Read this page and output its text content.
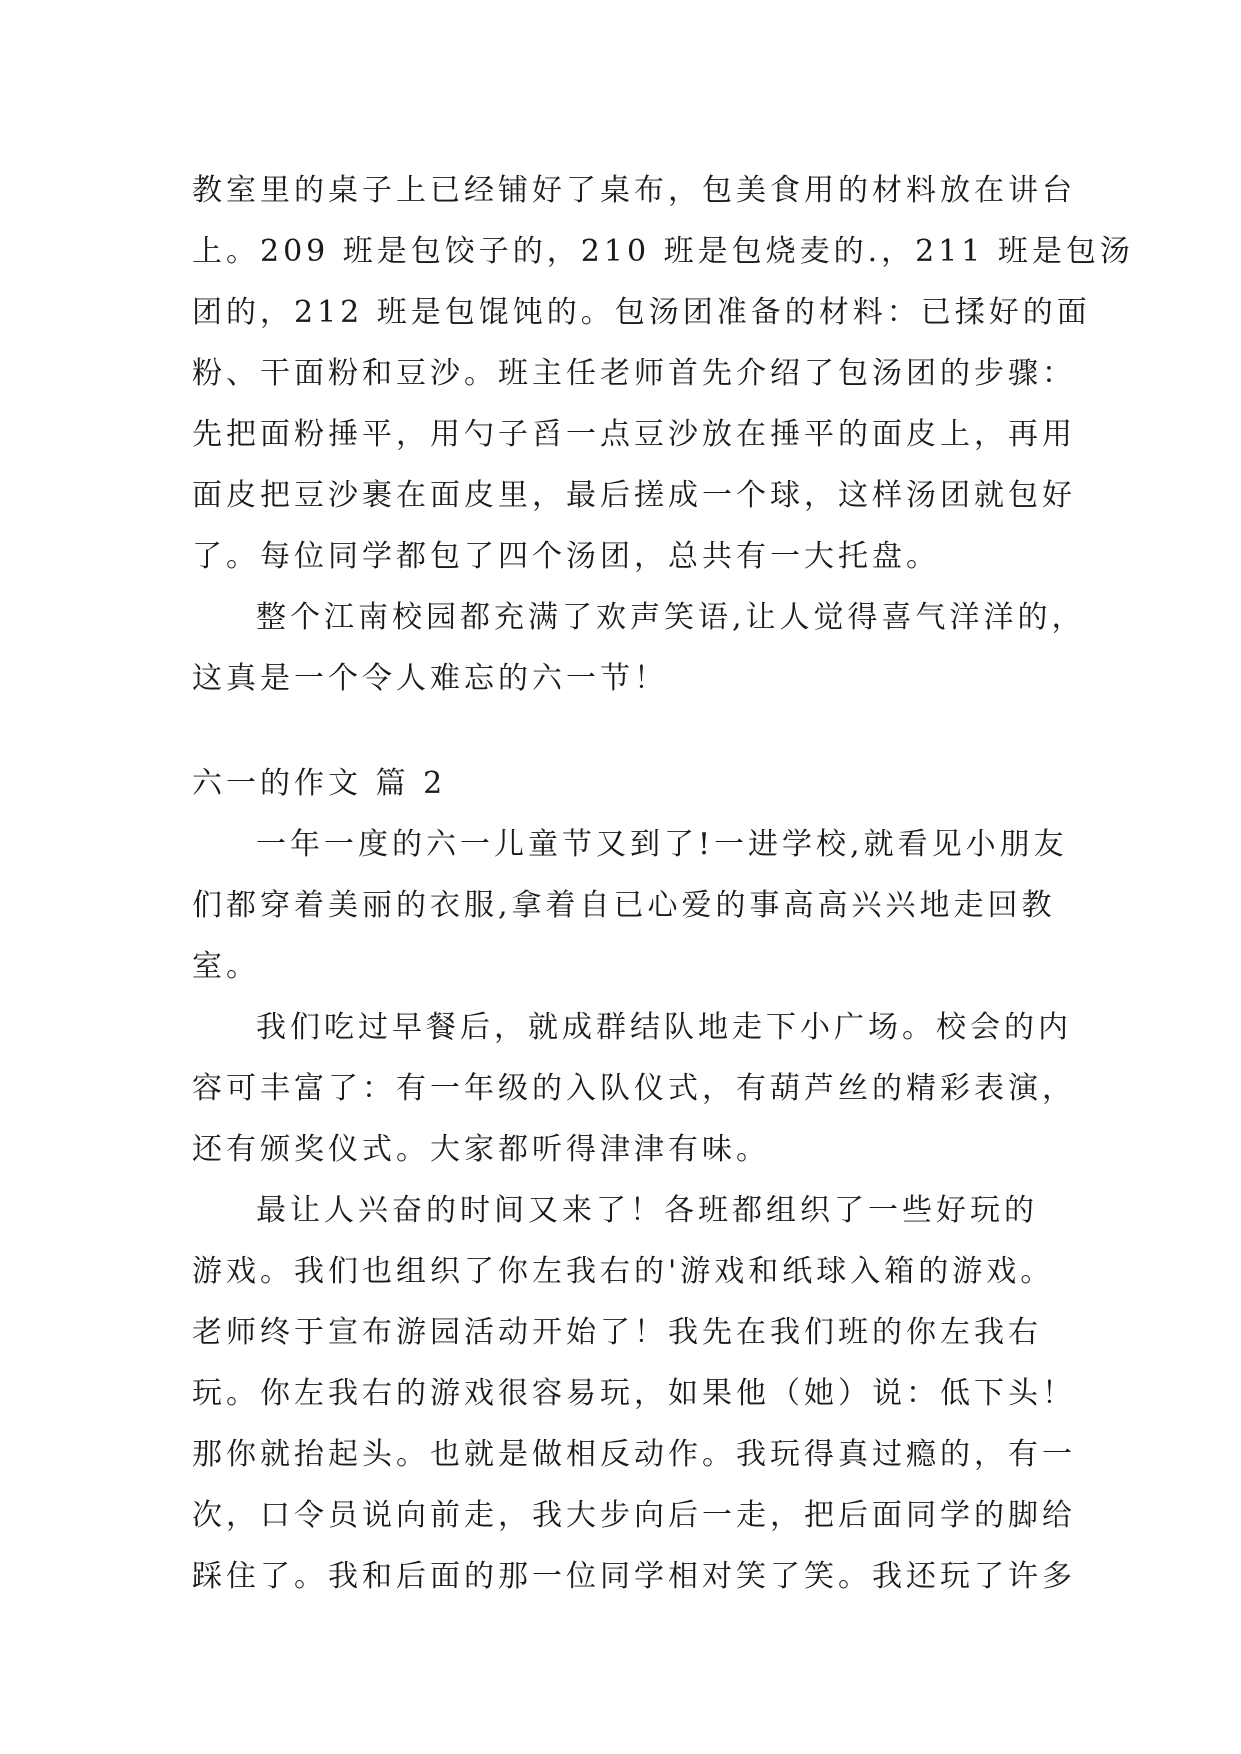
教室里的桌子上已经铺好了桌布，包美食用的材料放在讲台
上。209 班是包饺子的，210 班是包烧麦的.，211 班是包汤
团的，212 班是包馄饨的。包汤团准备的材料：已揉好的面
粉、干面粉和豆沙。班主任老师首先介绍了包汤团的步骤：
先把面粉捶平，用勺子舀一点豆沙放在捶平的面皮上，再用
面皮把豆沙裹在面皮里，最后搓成一个球，这样汤团就包好
了。每位同学都包了四个汤团，总共有一大托盘。
整个江南校园都充满了欢声笑语,让人觉得喜气洋洋的，
这真是一个令人难忘的六一节！
六一的作文 篇 2
一年一度的六一儿童节又到了!一进学校,就看见小朋友
们都穿着美丽的衣服,拿着自已心爱的事高高兴兴地走回教
室。
我们吃过早餐后，就成群结队地走下小广场。校会的内
容可丰富了：有一年级的入队仪式，有葫芦丝的精彩表演，
还有颁奖仪式。大家都听得津津有味。
最让人兴奋的时间又来了！各班都组织了一些好玩的
游戏。我们也组织了你左我右的'游戏和纸球入箱的游戏。
老师终于宣布游园活动开始了！我先在我们班的你左我右
玩。你左我右的游戏很容易玩，如果他（她）说：低下头！
那你就抬起头。也就是做相反动作。我玩得真过瘾的，有一
次，口令员说向前走，我大步向后一走，把后面同学的脚给
踩住了。我和后面的那一位同学相对笑了笑。我还玩了许多
